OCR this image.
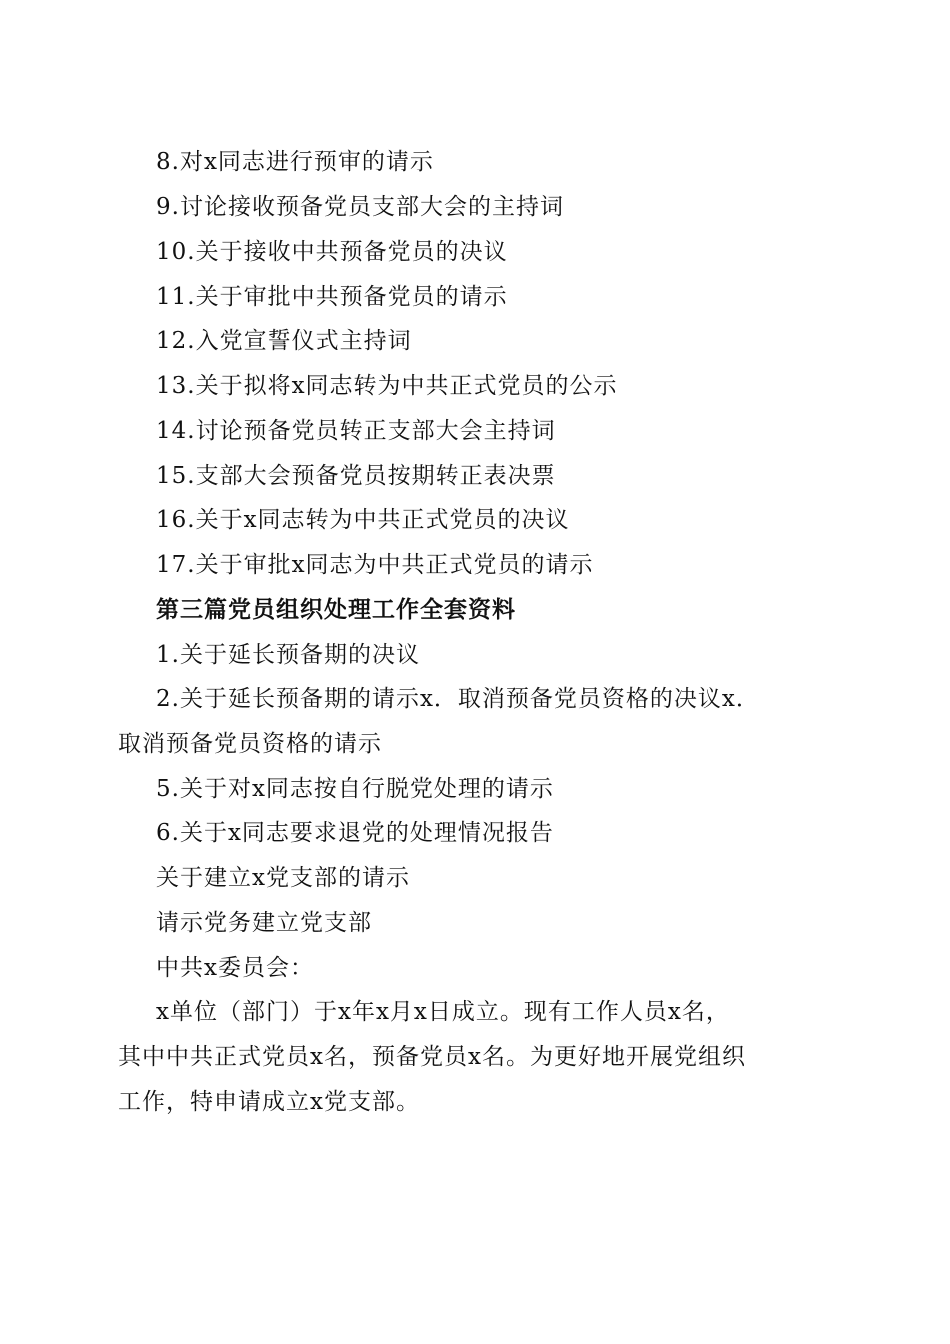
8.对x同志进行预审的请示
9.讨论接收预备党员支部大会的主持词
10.关于接收中共预备党员的决议
11.关于审批中共预备党员的请示
12.入党宣誓仪式主持词
13.关于拟将x同志转为中共正式党员的公示
14.讨论预备党员转正支部大会主持词
15.支部大会预备党员按期转正表决票
16.关于x同志转为中共正式党员的决议
17.关于审批x同志为中共正式党员的请示
第三篇党员组织处理工作全套资料
1.关于延长预备期的决议
2.关于延长预备期的请示x．取消预备党员资格的决议x．
取消预备党员资格的请示
5.关于对x同志按自行脱党处理的请示
6.关于x同志要求退党的处理情况报告
关于建立x党支部的请示
请示党务建立党支部
中共x委员会：
x单位（部门）于x年x月x日成立。现有工作人员x名，
其中中共正式党员x名，预备党员x名。为更好地开展党组织
工作，特申请成立x党支部。
